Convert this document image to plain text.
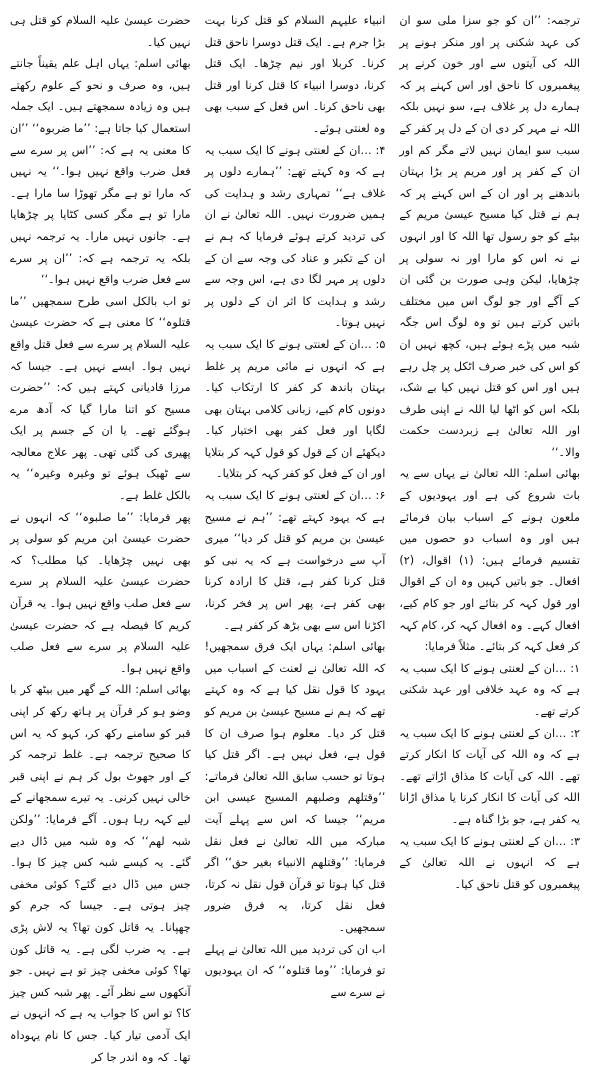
ترجمہ: ’’ان کو جو سزا ملی سو ان کی عہد شکنی پر اور منکر ہونے پر اللہ کی آیتوں سے اور خون کرنے پر پیغمبروں کا ناحق اور اس کہنے پر کہ ہمارے دل پر غلاف ہے، سو نہیں بلکہ اللہ نے مہر کر دی ان کے دل پر کفر کے سبب سو ایمان نہیں لاتے مگر کم اور ان کے کفر پر اور مریم پر بڑا بہتان باندھنے پر اور ان کے اس کہنے پر کہ ہم نے قتل کیا مسیح عیسیٰ مریم کے بیٹے کو جو رسول تھا اللہ کا اور انہوں نے نہ اس کو مارا اور نہ سولی پر چڑھایا، لیکن وہی صورت بن گئی ان کے آگے اور جو لوگ اس میں مختلف باتیں کرتے ہیں تو وہ لوگ اس جگہ شبہ میں پڑے ہوئے ہیں، کچھ نہیں ان کو اس کی خبر صرف اٹکل پر چل رہے ہیں اور اس کو قتل نہیں کیا بے شک، بلکہ اس کو اٹھا لیا اللہ نے اپنی طرف اور اللہ تعالیٰ ہے زبردست حکمت والا۔‘‘

بھائی اسلم: اللہ تعالیٰ نے یہاں سے یہ بات شروع کی ہے اور یہودیوں کے ملعون ہونے کے اسباب بیان فرمائے ہیں اور وہ اسباب دو حصوں میں تقسیم فرمائے ہیں: (۱) اقوال، (۲) افعال۔ جو باتیں کہیں وہ ان کے اقوال اور قول کہہ کر بتائے اور جو کام کیے، افعال کہے۔ وہ افعال کہہ کر، کام کہہ کر فعل کہہ کر بتائے۔ مثلاً فرمایا:

۱: …ان کے لعنتی ہونے کا ایک سبب یہ ہے کہ وہ عہد خلافی اور عہد شکنی کرتے تھے۔

۲: …ان کے لعنتی ہونے کا ایک سبب یہ ہے کہ وہ اللہ کی آیات کا انکار کرتے تھے۔ اللہ کی آیات کا مذاق اڑاتے تھے۔ اللہ کی آیات کا انکار کرنا یا مذاق اڑانا یہ کفر ہے، جو بڑا گناہ ہے۔

۳: …ان کے لعنتی ہونے کا ایک سبب یہ ہے کہ انہوں نے اللہ تعالیٰ کے پیغمبروں کو قتل ناحق کیا۔

انبیاء علیہم السلام کو قتل کرنا بہت بڑا جرم ہے۔ ایک قتل دوسرا ناحق قتل کرنا۔ کربلا اور نیم چڑھا۔ ایک قتل کرنا، دوسرا انبیاء کا قتل کرنا اور قتل بھی ناحق کرنا۔ اس فعل کے سبب بھی وہ لعنتی ہوئے۔

۴: …ان کے لعنتی ہونے کا ایک سبب یہ ہے کہ وہ کہتے تھے: ’’ہمارے دلوں پر غلاف ہے‘‘ تمہاری رشد و ہدایت کی ہمیں ضرورت نہیں۔ اللہ تعالیٰ نے ان کی تردید کرتے ہوئے فرمایا کہ ہم نے ان کے تکبر و عناد کی وجہ سے ان کے دلوں پر مہر لگا دی ہے، اس وجہ سے رشد و ہدایت کا اثر ان کے دلوں پر نہیں ہوتا۔

۵: …ان کے لعنتی ہونے کا ایک سبب یہ ہے کہ انہوں نے مائی مریم پر غلط بہتان باندھ کر کفر کا ارتکاب کیا۔ دونوں کام کیے، زبانی کلامی بہتان بھی لگایا اور فعل کفر بھی اختیار کیا۔ دیکھئے ان کے قول کو قول کہہ کر بتلایا اور ان کے فعل کو کفر کہہ کر بتلایا۔

۶: …ان کے لعنتی ہونے کا ایک سبب یہ ہے کہ یہود کہتے تھے: ’’ہم نے مسیح عیسیٰ بن مریم کو قتل کر دیا‘‘ میری آپ سے درخواست ہے کہ یہ نبی کو قتل کرنا کفر ہے، قتل کا ارادہ کرنا بھی کفر ہے، پھر اس پر فخر کرنا، اکڑنا اس سے بھی بڑھ کر کفر ہے۔

بھائی اسلم: یہاں ایک فرق سمجھیں! کہ اللہ تعالیٰ نے لعنت کے اسباب میں یہود کا قول نقل کیا ہے کہ وہ کہتے تھے کہ ہم نے مسیح عیسیٰ بن مریم کو قتل کر دیا۔ معلوم ہوا صرف ان کا قول ہے، فعل نہیں ہے۔ اگر قتل کیا ہوتا تو حسب سابق اللہ تعالیٰ فرماتے: ’’وقتلهم وصلبهم المسيح عيسى ابن مريم‘‘ جیسا کہ اس سے پہلے آیت مبارکہ میں اللہ تعالیٰ نے فعل نقل فرمایا: ’’وقتلهم الانبياء بغير حق‘‘ اگر قتل کیا ہوتا تو قرآن قول نقل نہ کرتا، فعل نقل کرتا، یہ فرق ضرور سمجھیں۔

اب ان کی تردید میں اللہ تعالیٰ نے پہلے تو فرمایا: ’’وما قتلوہ‘‘ کہ ان یہودیوں نے سرے سے

حضرت عیسیٰ علیہ السلام کو قتل ہی نہیں کیا۔

بھائی اسلم: یہاں اہل علم یقیناً جانتے ہیں، وہ صرف و نحو کے علوم رکھتے ہیں وہ زیادہ سمجھتے ہیں۔ ایک جملہ استعمال کیا جاتا ہے: ’’ما ضربوہ‘‘ ’’ان کا معنی یہ ہے کہ: ’’اس پر سرے سے فعل ضرب واقع نہیں ہوا۔‘‘ یہ نہیں کہ مارا تو ہے مگر تھوڑا سا مارا ہے۔ مارا تو ہے مگر کسی کٹایا پر چڑھایا ہے۔ جانوں نہیں مارا۔ یہ ترجمہ نہیں بلکہ یہ ترجمہ ہے کہ: ’’ان پر سرے سے فعل ضرب واقع نہیں ہوا۔‘‘

تو اب بالکل اسی طرح سمجھیں ’’ما قتلوہ‘‘ کا معنی ہے کہ حضرت عیسیٰ علیہ السلام پر سرے سے فعل قتل واقع نہیں ہوا۔ ایسے نہیں ہے۔ جیسا کہ مرزا قادیانی کہتے ہیں کہ: ’’حضرت مسیح کو اتنا مارا گیا کہ آدھ مرے ہوگئے تھے۔ یا ان کے جسم پر ایک پھیری کی گئی تھی۔ پھر علاج معالجہ سے ٹھیک ہوئے تو وغیرہ وغیرہ‘‘ یہ بالکل غلط ہے۔

پھر فرمایا: ’’ما صلبوہ‘‘ کہ انہوں نے حضرت عیسیٰ ابن مریم کو سولی پر بھی نہیں چڑھایا۔ کیا مطلب؟ کہ حضرت عیسیٰ علیہ السلام پر سرے سے فعل صلب واقع نہیں ہوا۔ یہ قرآن کریم کا فیصلہ ہے کہ حضرت عیسیٰ علیہ السلام پر سرے سے فعل صلب واقع نہیں ہوا۔

بھائی اسلم: اللہ کے گھر میں بیٹھ کر با وضو ہو کر قرآن پر ہاتھ رکھ کر اپنی قبر کو سامنے رکھ کر، کہو کہ یہ اس کا صحیح ترجمہ ہے۔ غلط ترجمہ کر کے اور جھوٹ بول کر ہم نے اپنی قبر خالی نہیں کرنی۔ یہ تیرے سمجھانے کے لیے کہہ رہا ہوں۔ آگے فرمایا: ’’ولکن شبہ لھم‘‘ کہ وہ شبہ میں ڈال دیے گئے۔ یہ کیسے شبہ کس چیز کا ہوا۔ جس میں ڈال دیے گئے؟ کوئی مخفی چیز ہوتی ہے۔ جیسا کہ جرم کو چھپانا۔ یہ قاتل کون تھا؟ یہ لاش پڑی ہے۔ یہ ضرب لگی ہے۔ یہ قاتل کون تھا؟ کوئی مخفی چیز تو ہے نہیں۔ جو آنکھوں سے نظر آئے۔ پھر شبہ کس چیز کا؟ تو اس کا جواب یہ ہے کہ انہوں نے ایک آدمی تیار کیا۔ جس کا نام یہوداہ تھا۔ کہ وہ اندر جا کر
